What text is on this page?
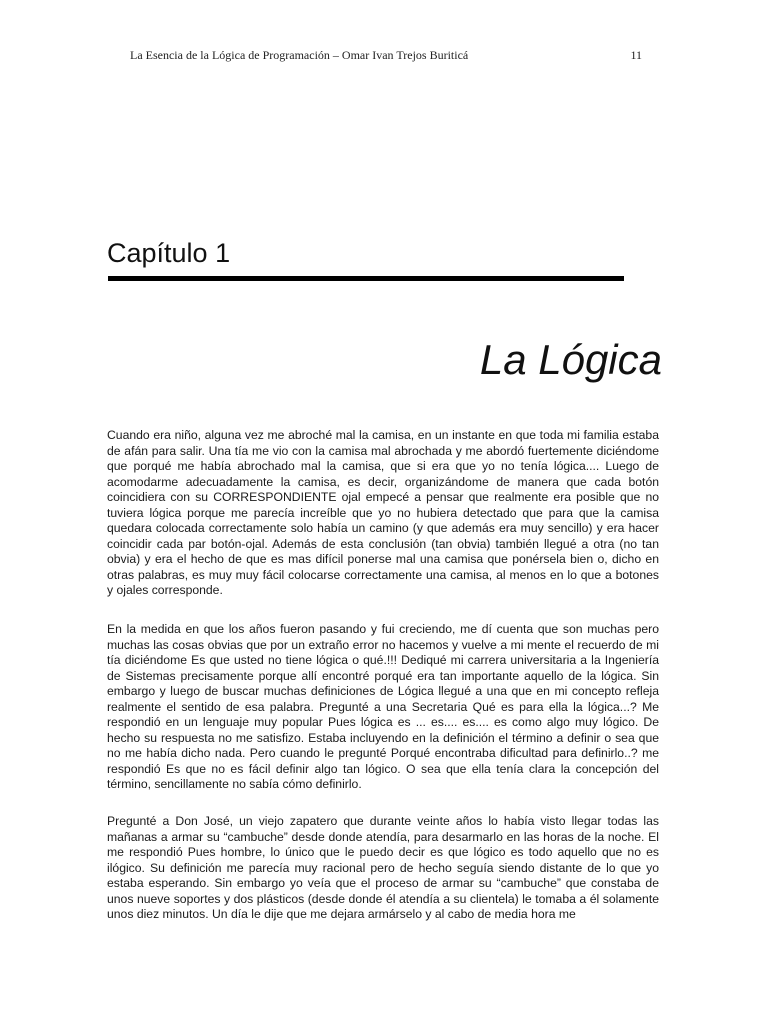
La Esencia de la Lógica de Programación – Omar Ivan Trejos Buriticá	11
Capítulo 1
La Lógica

Cuando era niño, alguna vez me abroché mal la camisa, en un instante en que toda mi familia estaba de afán para salir. Una tía me vio con la camisa mal abrochada y me abordó fuertemente diciéndome que porqué me había abrochado mal la camisa, que si era que yo no tenía lógica.... Luego de acomodarme adecuadamente la camisa, es decir, organizándome de manera que cada botón coincidiera con su CORRESPONDIENTE ojal empecé a pensar que realmente era posible que no tuviera lógica porque me parecía increíble que yo no hubiera detectado que para que la camisa quedara colocada correctamente solo había un camino (y que además era muy sencillo) y era hacer coincidir cada par botón-ojal. Además de esta conclusión (tan obvia) también llegué a otra (no tan obvia) y era el hecho de que es mas difícil ponerse mal una camisa que ponérsela bien o, dicho en otras palabras, es muy muy fácil colocarse correctamente una camisa, al menos en lo que a botones y ojales corresponde.

En la medida en que los años fueron pasando y fui creciendo, me dí cuenta que son muchas pero muchas las cosas obvias que por un extraño error no hacemos y vuelve a mi mente el recuerdo de mi tía diciéndome Es que usted no tiene lógica o qué.!!! Dediqué mi carrera universitaria a la Ingeniería de Sistemas precisamente porque allí encontré porqué era tan importante aquello de la lógica. Sin embargo y luego de buscar muchas definiciones de Lógica llegué a una que en mi concepto refleja realmente el sentido de esa palabra. Pregunté a una Secretaria Qué es para ella la lógica...? Me respondió en un lenguaje muy popular Pues lógica es ... es.... es.... es como algo muy lógico. De hecho su respuesta no me satisfizo. Estaba incluyendo en la definición el término a definir o sea que no me había dicho nada. Pero cuando le pregunté Porqué encontraba dificultad para definirlo..? me respondió Es que no es fácil definir algo tan lógico. O sea que ella tenía clara la concepción del término, sencillamente no sabía cómo definirlo.

Pregunté a Don José, un viejo zapatero que durante veinte años lo había visto llegar todas las mañanas a armar su “cambuche” desde donde atendía, para desarmarlo en las horas de la noche. El me respondió Pues hombre, lo único que le puedo decir es que lógico es todo aquello que no es ilógico. Su definición me parecía muy racional pero de hecho seguía siendo distante de lo que yo estaba esperando. Sin embargo yo veía que el proceso de armar su “cambuche” que constaba de unos nueve soportes y dos plásticos (desde donde él atendía a su clientela) le tomaba a él solamente unos diez minutos. Un día le dije que me dejara armárselo y al cabo de media hora me
